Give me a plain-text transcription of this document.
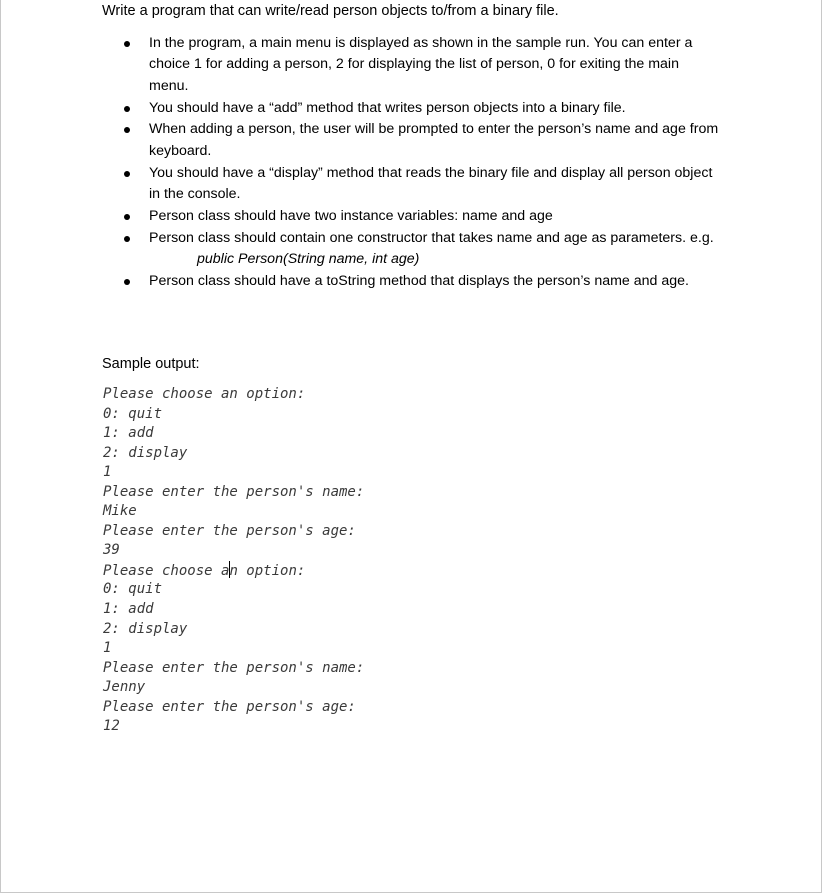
Write a program that can write/read person objects to/from a binary file.
In the program, a main menu is displayed as shown in the sample run. You can enter a choice 1 for adding a person, 2 for displaying the list of person, 0 for exiting the main menu.
You should have a “add” method that writes person objects into a binary file.
When adding a person, the user will be prompted to enter the person’s name and age from keyboard.
You should have a “display” method that reads the binary file and display all person object in the console.
Person class should have two instance variables: name and age
Person class should contain one constructor that takes name and age as parameters. e.g.
public Person(String name, int age)
Person class should have a toString method that displays the person’s name and age.
Sample output:
Please choose an option:
0: quit
1: add
2: display
1
Please enter the person's name:
Mike
Please enter the person's age:
39
Please choose an option:
0: quit
1: add
2: display
1
Please enter the person's name:
Jenny
Please enter the person's age:
12
